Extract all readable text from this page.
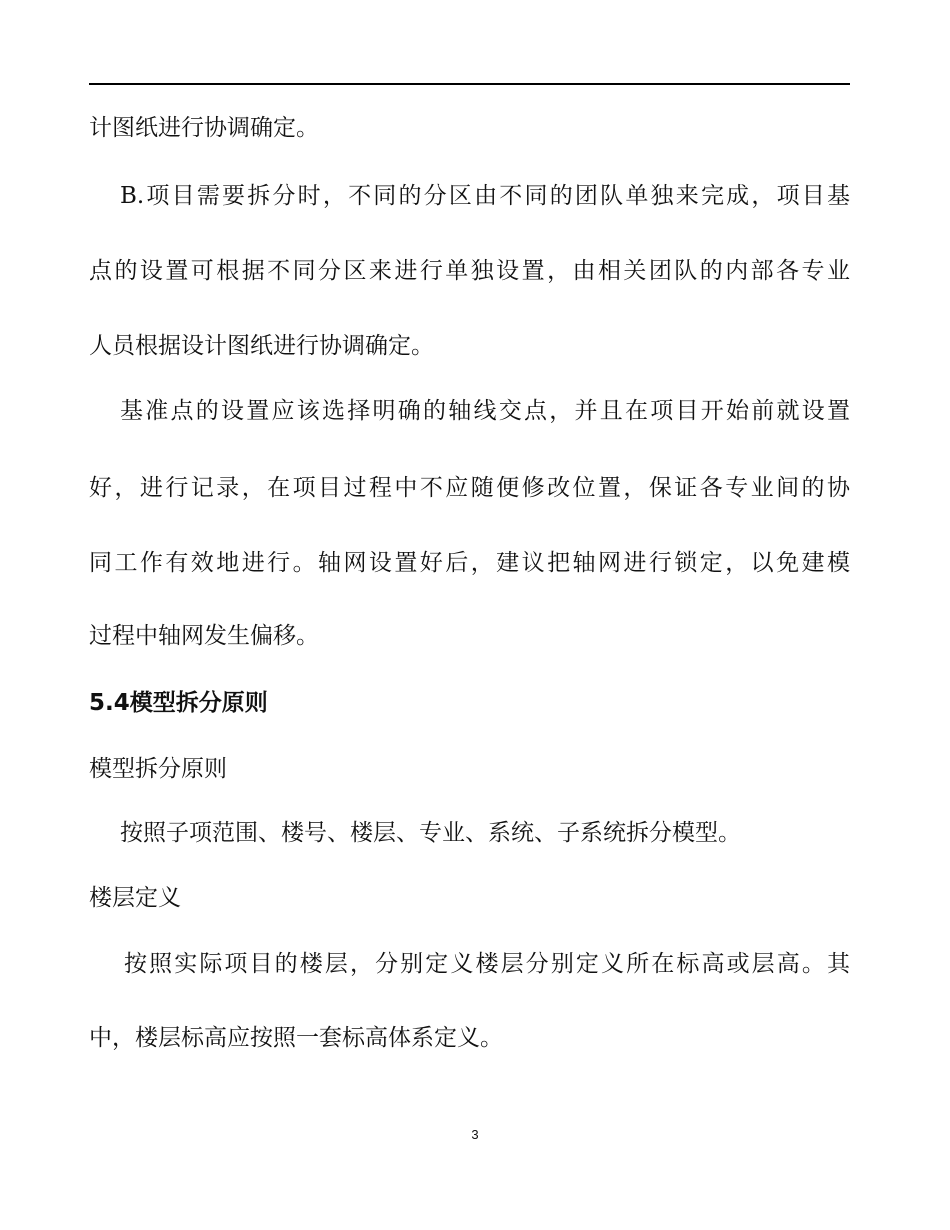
计图纸进行协调确定。
B.项目需要拆分时，不同的分区由不同的团队单独来完成，项目基
点的设置可根据不同分区来进行单独设置，由相关团队的内部各专业
人员根据设计图纸进行协调确定。
基准点的设置应该选择明确的轴线交点，并且在项目开始前就设置
好，进行记录，在项目过程中不应随便修改位置，保证各专业间的协
同工作有效地进行。轴网设置好后，建议把轴网进行锁定，以免建模
过程中轴网发生偏移。
5.4模型拆分原则
模型拆分原则
按照子项范围、楼号、楼层、专业、系统、子系统拆分模型。
楼层定义
按照实际项目的楼层，分别定义楼层分别定义所在标高或层高。其
中，楼层标高应按照一套标高体系定义。
3
